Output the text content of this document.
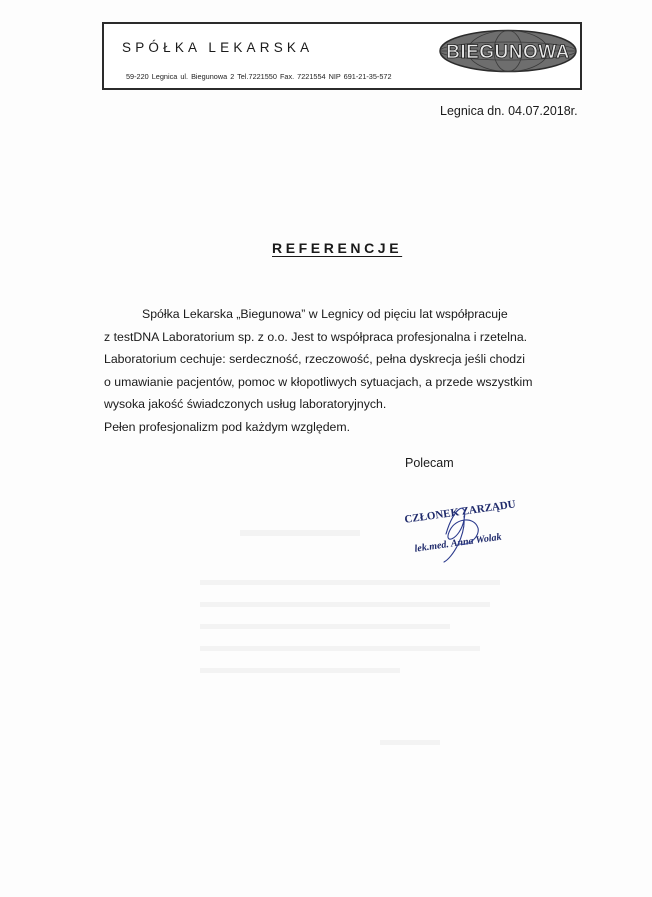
SPÓŁKA LEKARSKA
59-220 Legnica ul. Biegunowa 2 Tel.7221550 Fax. 7221554 NIP 691-21-35-572
BIEGUNOWA
Legnica dn. 04.07.2018r.
REFERENCJE
Spółka Lekarska „Biegunowa” w Legnicy od pięciu lat współpracuje
z testDNA Laboratorium sp. z o.o. Jest to współpraca profesjonalna i rzetelna.
Laboratorium cechuje: serdeczność, rzeczowość, pełna dyskrecja jeśli chodzi
o umawianie pacjentów, pomoc w kłopotliwych sytuacjach, a przede wszystkim
wysoka jakość świadczonych usług laboratoryjnych.
Pełen profesjonalizm pod każdym względem.
Polecam
CZŁONEK ZARZĄDU
lek.med. Anna Wolak
